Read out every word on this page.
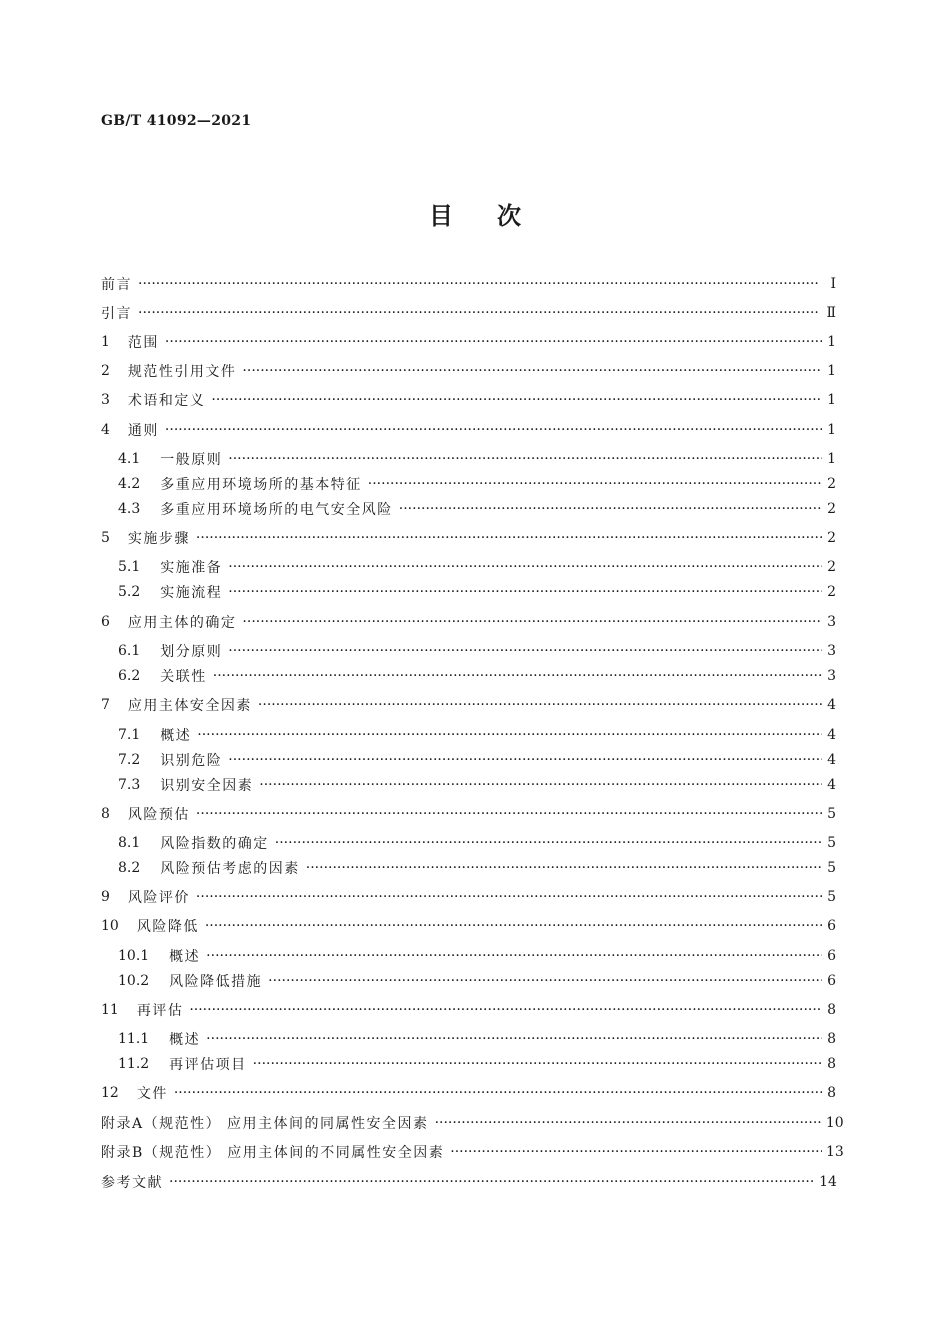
GB/T 41092—2021
目 次
前言 ·····	Ⅰ
引言 ·····	Ⅱ
1 范围 ·····	1
2 规范性引用文件 ·····	1
3 术语和定义 ·····	1
4 通则 ·····	1
4.1 一般原则 ·····	1
4.2 多重应用环境场所的基本特征 ·····	2
4.3 多重应用环境场所的电气安全风险 ·····	2
5 实施步骤 ·····	2
5.1 实施准备 ·····	2
5.2 实施流程 ·····	2
6 应用主体的确定 ·····	3
6.1 划分原则 ·····	3
6.2 关联性 ·····	3
7 应用主体安全因素 ·····	4
7.1 概述 ·····	4
7.2 识别危险 ·····	4
7.3 识别安全因素 ·····	4
8 风险预估 ·····	5
8.1 风险指数的确定 ·····	5
8.2 风险预估考虑的因素 ·····	5
9 风险评价 ·····	5
10 风险降低 ·····	6
10.1 概述 ·····	6
10.2 风险降低措施 ·····	6
11 再评估 ·····	8
11.1 概述 ·····	8
11.2 再评估项目 ·····	8
12 文件 ·····	8
附录A（规范性） 应用主体间的同属性安全因素 ·····	10
附录B（规范性） 应用主体间的不同属性安全因素 ·····	13
参考文献 ·····	14
